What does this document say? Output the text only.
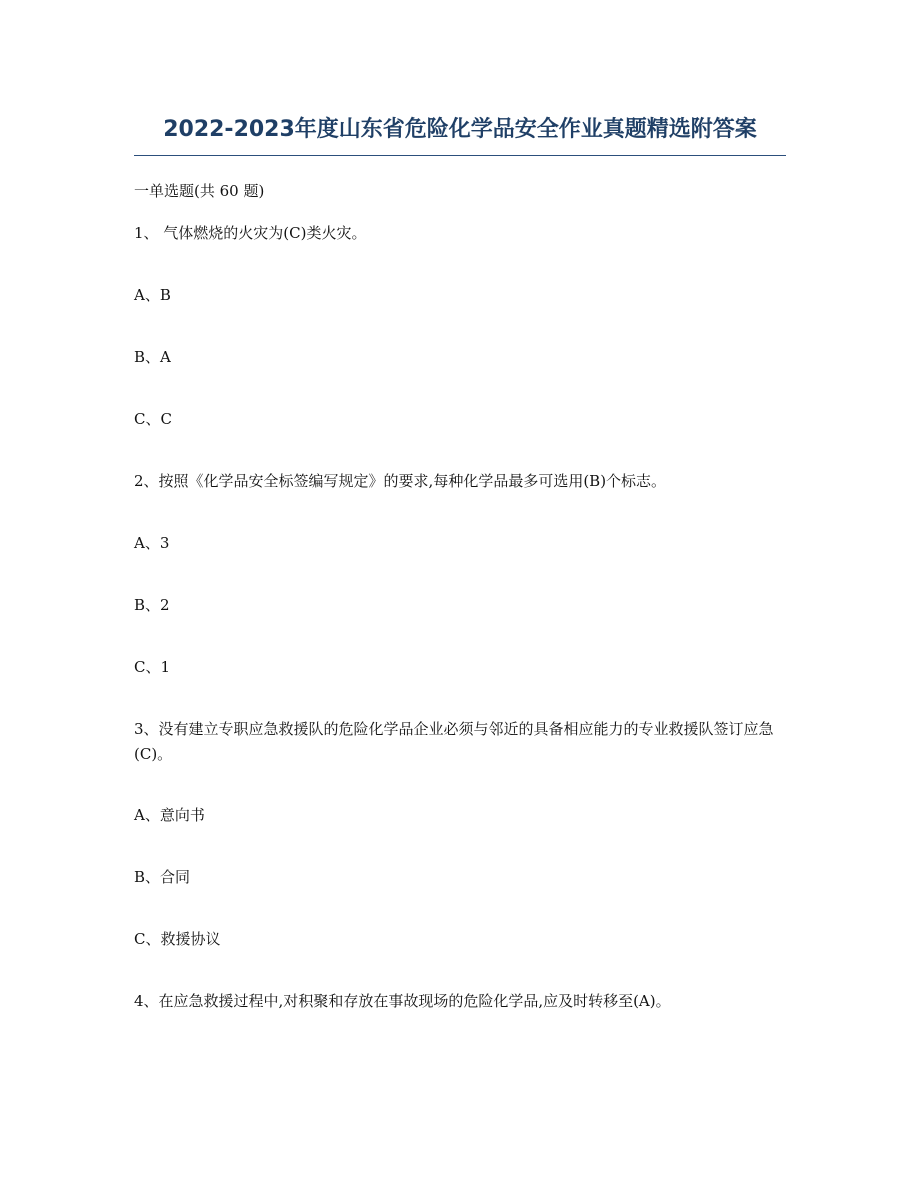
2022-2023年度山东省危险化学品安全作业真题精选附答案
一单选题(共 60 题)
1、 气体燃烧的火灾为(C)类火灾。
A、B
B、A
C、C
2、按照《化学品安全标签编写规定》的要求,每种化学品最多可选用(B)个标志。
A、3
B、2
C、1
3、没有建立专职应急救援队的危险化学品企业必须与邻近的具备相应能力的专业救援队签订应急(C)。
A、意向书
B、合同
C、救援协议
4、在应急救援过程中,对积聚和存放在事故现场的危险化学品,应及时转移至(A)。
